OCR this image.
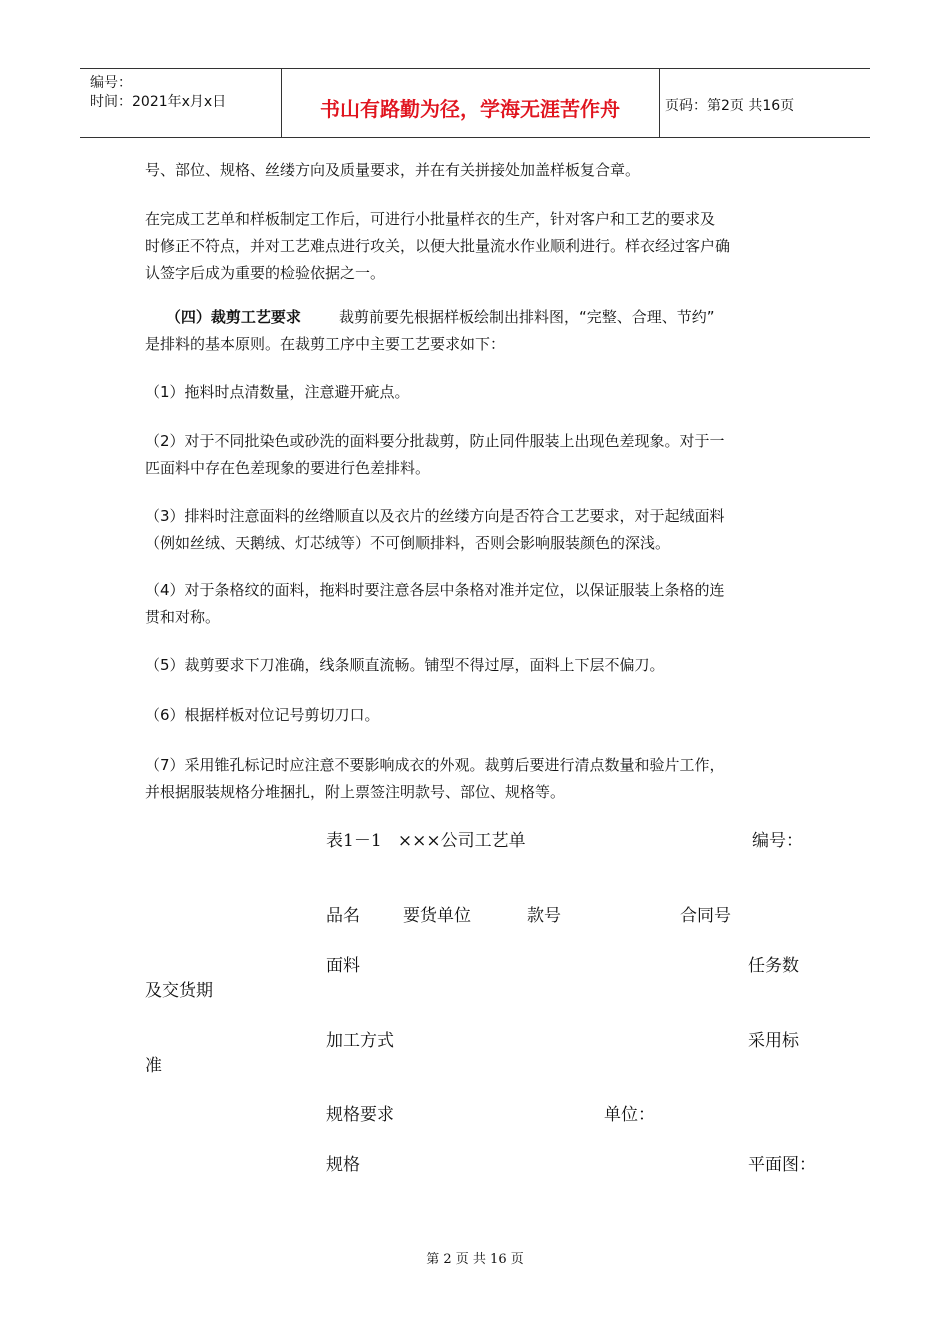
编号：
时间：2021年x月x日	书山有路勤为径，学海无涯苦作舟	页码：第2页 共16页
号、部位、规格、丝缕方向及质量要求，并在有关拼接处加盖样板复合章。
在完成工艺单和样板制定工作后，可进行小批量样衣的生产，针对客户和工艺的要求及
时修正不符点，并对工艺难点进行攻关，以便大批量流水作业顺利进行。样衣经过客户确
认签字后成为重要的检验依据之一。
（四）裁剪工艺要求        裁剪前要先根据样板绘制出排料图，“完整、合理、节约”
是排料的基本原则。在裁剪工序中主要工艺要求如下：
（1）拖料时点清数量，注意避开疵点。
（2）对于不同批染色或砂洗的面料要分批裁剪，防止同件服装上出现色差现象。对于一
匹面料中存在色差现象的要进行色差排料。
（3）排料时注意面料的丝绺顺直以及衣片的丝缕方向是否符合工艺要求，对于起绒面料
（例如丝绒、天鹅绒、灯芯绒等）不可倒顺排料，否则会影响服装颜色的深浅。
（4）对于条格纹的面料，拖料时要注意各层中条格对准并定位，以保证服装上条格的连
贯和对称。
（5）裁剪要求下刀准确，线条顺直流畅。铺型不得过厚，面料上下层不偏刀。
（6）根据样板对位记号剪切刀口。
（7）采用锥孔标记时应注意不要影响成衣的外观。裁剪后要进行清点数量和验片工作，
并根据服装规格分堆捆扎，附上票签注明款号、部位、规格等。
表1－1   ×××公司工艺单	编号：
品名	要货单位	款号	合同号
面料	任务数
及交货期
加工方式	采用标
准
规格要求	单位：
规格	平面图：
第 2 页 共 16 页
